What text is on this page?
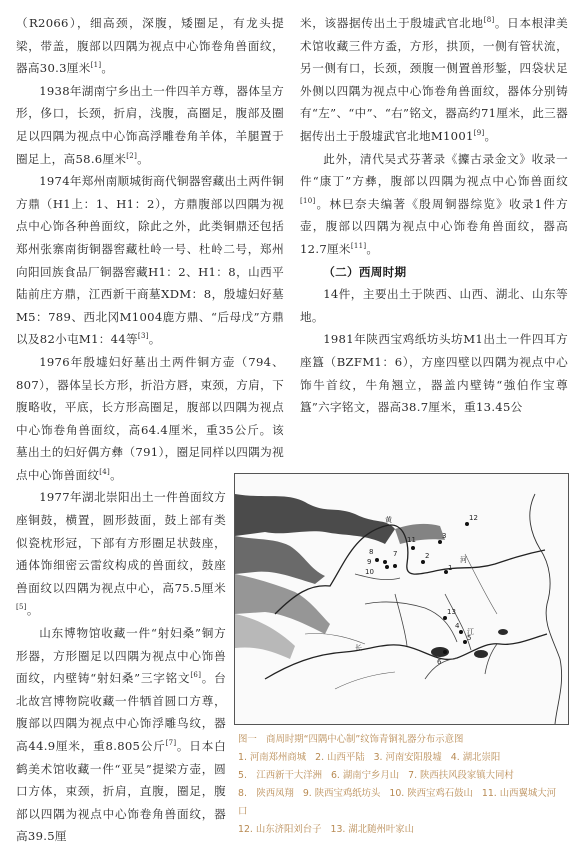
（R2066），细高颈，深腹，矮圈足，有龙头提梁，带盖，腹部以四隅为视点中心饰卷角兽面纹，器高30.3厘米[1]。

1938年湖南宁乡出土一件四羊方尊，器体呈方形，侈口，长颈，折肩，浅腹，高圈足，腹部及圈足以四隅为视点中心饰高浮雕卷角羊体，羊腿置于圈足上，高58.6厘米[2]。

1974年郑州南顺城街商代铜器窖藏出土两件铜方鼎（H1上：1、H1：2），方鼎腹部以四隅为视点中心饰各种兽面纹，除此之外，此类铜鼎还包括郑州张寨南街铜器窖藏杜岭一号、杜岭二号，郑州向阳回族食品厂铜器窖藏H1：2、H1：8，山西平陆前庄方鼎，江西新干商墓XDM：8，殷墟妇好墓M5：789、西北冈M1004鹿方鼎、“后母戊”方鼎以及82小屯M1：44等[3]。

1976年殷墟妇好墓出土两件铜方壶（794、807），器体呈长方形，折沿方唇，束颈，方肩，下腹略收，平底，长方形高圈足，腹部以四隅为视点中心饰卷角兽面纹，高64.4厘米，重35公斤。该墓出土的妇好偶方彝（791），圈足同样以四隅为视点中心饰兽面纹[4]。

1977年湖北崇阳出土一件兽面纹方座铜鼓，横置，圆形鼓面，鼓上部有类似瓷枕形冠，下部有方形圈足状鼓座，通体饰细密云雷纹构成的兽面纹，鼓座兽面纹以四隅为视点中心，高75.5厘米[5]。

山东博物馆收藏一件“射妇桑”铜方形器，方形圈足以四隅为视点中心饰兽面纹，内壁铸“射妇桑”三字铭文[6]。台北故宫博物院收藏一件牺首圆口方尊，腹部以四隅为视点中心饰浮雕鸟纹，器高44.9厘米，重8.805公斤[7]。日本白鹤美术馆收藏一件“亚吴”提梁方壶，圆口方体，束颈，折肩，直腹，圈足，腹部以四隅为视点中心饰卷角兽面纹，器高39.5厘

米，该器据传出土于殷墟武官北地[8]。日本根津美术馆收藏三件方盉，方形，拱顶，一侧有管状流，另一侧有口，长颈，颈腹一侧置兽形錾，四袋状足外侧以四隅为视点中心饰卷角兽面纹，器体分别铸有“左”、“中”、“右”铭文，器高约71厘米，此三器据传出土于殷墟武官北地M1001[9]。

此外，清代吴式芬著录《攈古录金文》收录一件“康丁”方彝，腹部以四隅为视点中心饰兽面纹[10]。林巳奈夫编著《殷周铜器综览》收录1件方壶，腹部以四隅为视点中心饰卷角兽面纹，器高12.7厘米[11]。

（二）西周时期

14件，主要出土于陕西、山西、湖北、山东等地。

1981年陕西宝鸡纸坊头坊M1出土一件四耳方座簋（BZFM1：6），方座四壁以四隅为视点中心饰牛首纹，牛角翘立，器盖内壁铸“強伯作宝尊簋”六字铭文，器高38.7厘米，重13.45公

黄
河
长
江
8
9
10
7
11
2
3
1
12
13
4
5
6
图一　商周时期“四隅中心制”纹饰青铜礼器分布示意图
1. 河南郑州商城 2. 山西平陆 3. 河南安阳殷墟 4. 湖北崇阳
5.　江西新干大洋洲 6. 湖南宁乡月山 7. 陕西扶风段家镇大同村
8.　陕西凤翔 9. 陕西宝鸡纸坊头 10. 陕西宝鸡石鼓山 11. 山西翼城大河口
12. 山东济阳刘台子 13. 湖北随州叶家山
